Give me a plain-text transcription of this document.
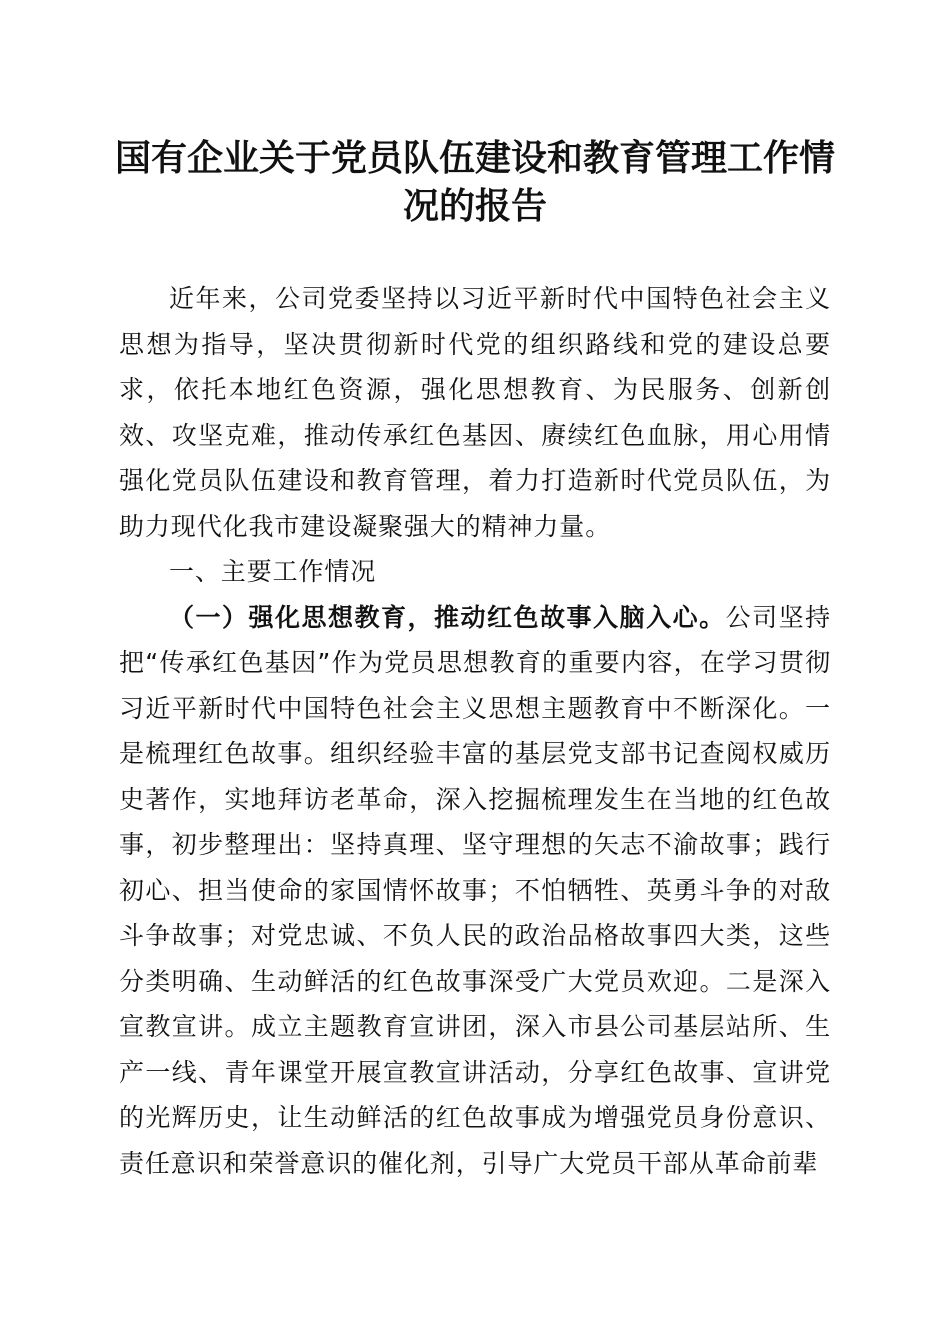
国有企业关于党员队伍建设和教育管理工作情
况的报告

近年来，公司党委坚持以习近平新时代中国特色社会主义思想为指导，坚决贯彻新时代党的组织路线和党的建设总要求，依托本地红色资源，强化思想教育、为民服务、创新创效、攻坚克难，推动传承红色基因、赓续红色血脉，用心用情强化党员队伍建设和教育管理，着力打造新时代党员队伍，为助力现代化我市建设凝聚强大的精神力量。

一、主要工作情况

（一）强化思想教育，推动红色故事入脑入心。公司坚持把“传承红色基因”作为党员思想教育的重要内容，在学习贯彻习近平新时代中国特色社会主义思想主题教育中不断深化。一是梳理红色故事。组织经验丰富的基层党支部书记查阅权威历史著作，实地拜访老革命，深入挖掘梳理发生在当地的红色故事，初步整理出：坚持真理、坚守理想的矢志不渝故事；践行初心、担当使命的家国情怀故事；不怕牺牲、英勇斗争的对敌斗争故事；对党忠诚、不负人民的政治品格故事四大类，这些分类明确、生动鲜活的红色故事深受广大党员欢迎。二是深入宣教宣讲。成立主题教育宣讲团，深入市县公司基层站所、生产一线、青年课堂开展宣教宣讲活动，分享红色故事、宣讲党的光辉历史，让生动鲜活的红色故事成为增强党员身份意识、责任意识和荣誉意识的催化剂，引导广大党员干部从革命前辈
